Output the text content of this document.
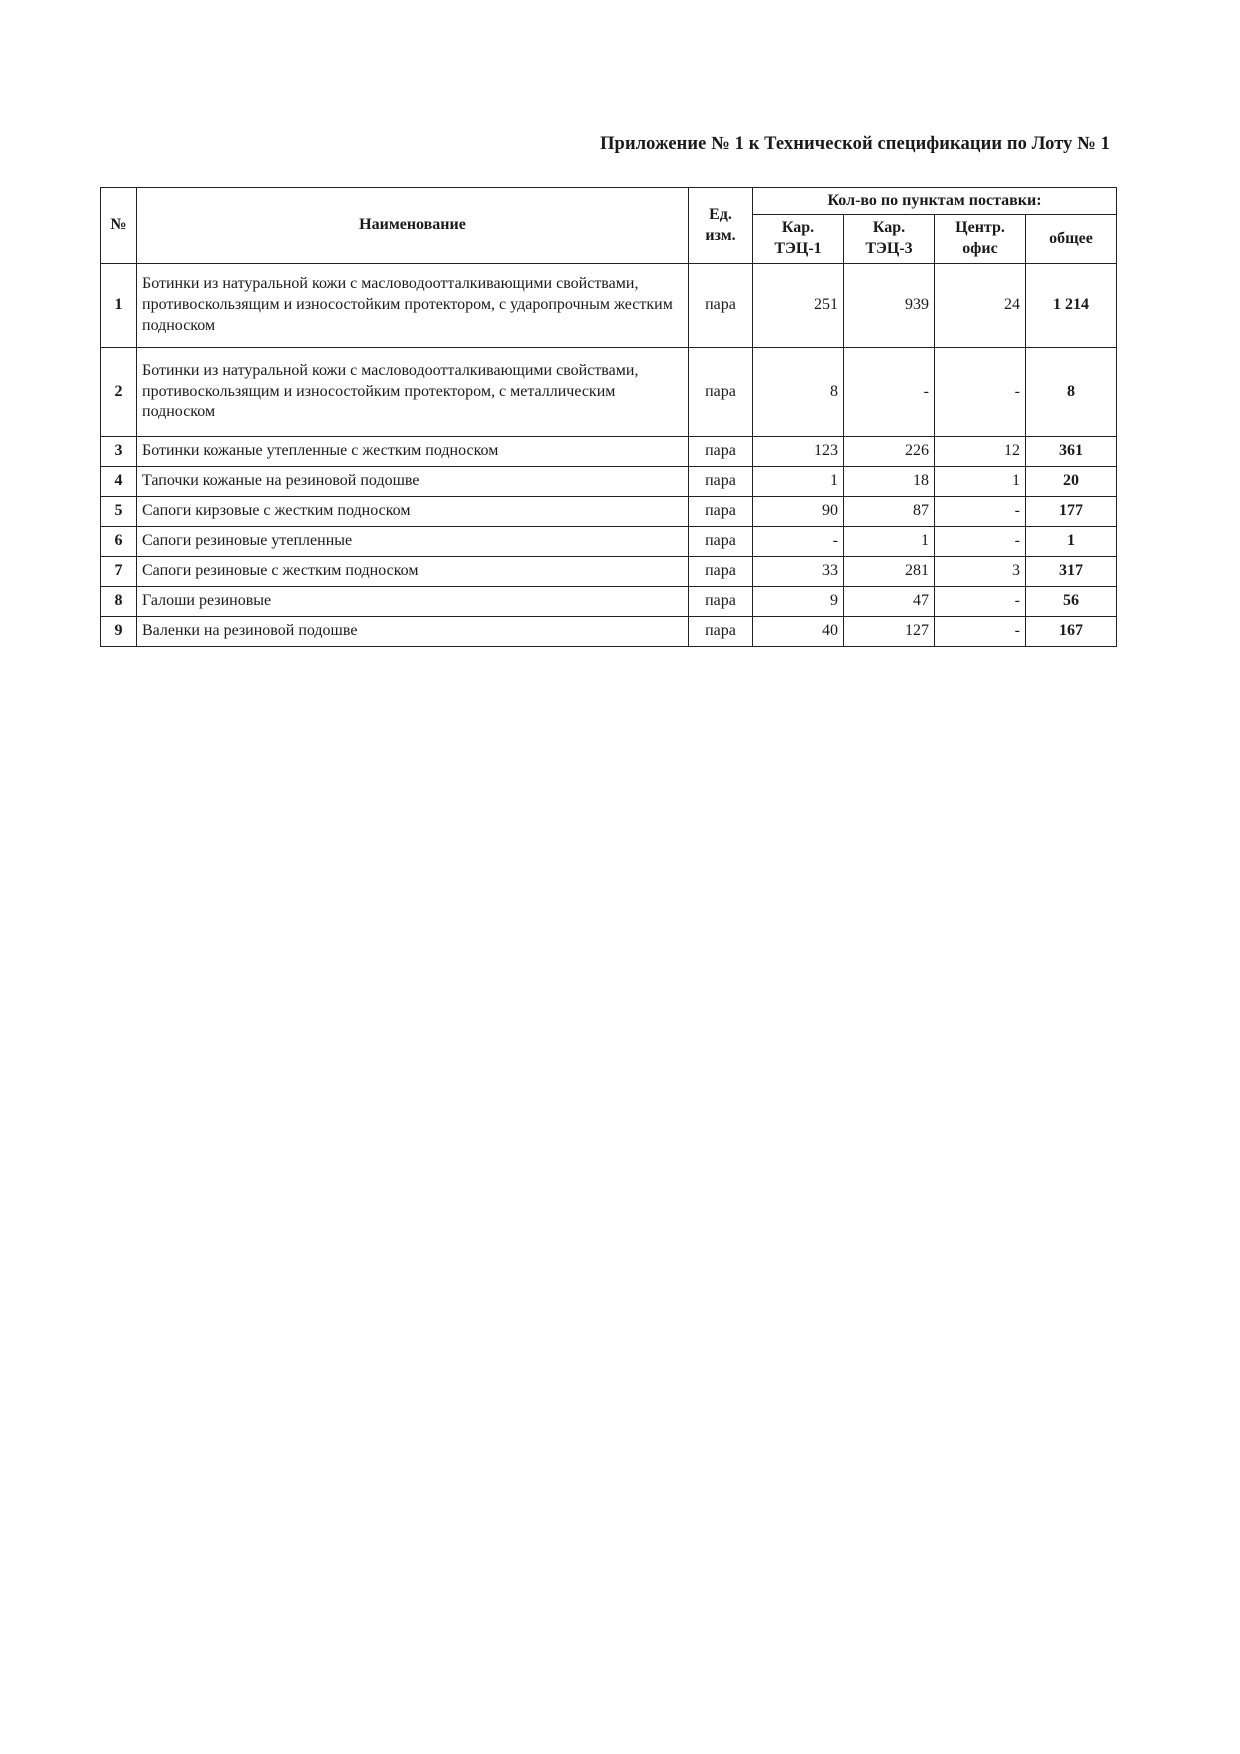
Приложение № 1 к Технической спецификации по Лоту № 1
№	Наименование	Ед. изм.	Кол-во по пунктам поставки:			
			Кар. ТЭЦ-1	Кар. ТЭЦ-3	Центр. офис	общее
1	Ботинки из натуральной кожи с масловодоотталкивающими свойствами, противоскользящим и износостойким протектором, с ударопрочным жестким подноском	пара	251	939	24	1 214
2	Ботинки из натуральной кожи с масловодоотталкивающими свойствами, противоскользящим и износостойким протектором, с металлическим подноском	пара	8	-	-	8
3	Ботинки кожаные утепленные с жестким подноском	пара	123	226	12	361
4	Тапочки кожаные на резиновой подошве	пара	1	18	1	20
5	Сапоги кирзовые с жестким подноском	пара	90	87	-	177
6	Сапоги резиновые утепленные	пара	-	1	-	1
7	Сапоги резиновые с жестким подноском	пара	33	281	3	317
8	Галоши резиновые	пара	9	47	-	56
9	Валенки на резиновой подошве	пара	40	127	-	167
